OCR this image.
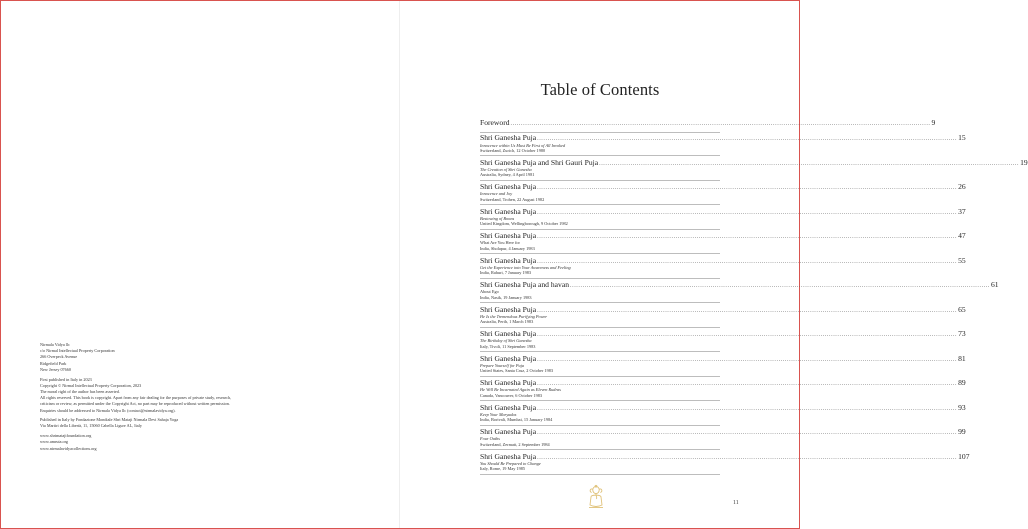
Nirmala Vidya llc
c/o Nirmal Intellectual Property Corporation
266 Overpeck Avenue
Ridgefield Park
New Jersey 07660
First published in Italy in 2023
Copyright © Nirmal Intellectual Property Corporation, 2023
The moral right of the author has been asserted.
All rights reserved. This book is copyright. Apart from any fair dealing for the purposes of private study, research,
criticism or review, as permitted under the Copyright Act, no part may be reproduced without written permission.
Enquiries should be addressed to Nirmala Vidya llc (contact@nirmalavidya.org).
Published in Italy by Fondazione Mondiale Shri Mataji Nirmala Devi Sahaja Yoga
Via Martiri della Libertà, 11, 15060 Cabella Ligure AL, Italy
www.shrimatajifoundation.org
www.amruta.org
www.nirmalavidyacollections.org
Table of Contents
Foreword ........................................................................................................................................................................................................ 9
Shri Ganesha Puja ........................................................................................................................................................................................................ 15
Innocence within Us Must Be First of All Invoked
Switzerland, Zurich, 12 October 1980
Shri Ganesha Puja and Shri Gauri Puja ........................................................................................................................................................................................................ 19
The Creation of Shri Ganesha
Australia, Sydney, 4 April 1981
Shri Ganesha Puja ........................................................................................................................................................................................................ 26
Innocence and Joy
Switzerland, Trohen, 22 August 1982
Shri Ganesha Puja ........................................................................................................................................................................................................ 37
Bestowing of Boons
United Kingdom, Wellingborough, 9 October 1982
Shri Ganesha Puja ........................................................................................................................................................................................................ 47
What Are You Here for
India, Sholapur, 4 January 1983
Shri Ganesha Puja ........................................................................................................................................................................................................ 55
Get the Experience into Your Awareness and Feeling
India, Rahuri, 7 January 1983
Shri Ganesha Puja and havan ........................................................................................................................................................................................................ 61
About Ego
India, Nasik, 19 January 1983
Shri Ganesha Puja ........................................................................................................................................................................................................ 65
He Is the Tremendous Purifying Power
Australia, Perth, 1 March 1983
Shri Ganesha Puja ........................................................................................................................................................................................................ 73
The Birthday of Shri Ganesha
Italy, Tivoli, 11 September 1983
Shri Ganesha Puja ........................................................................................................................................................................................................ 81
Prepare Yourself for Puja
United States, Santa Cruz, 2 October 1983
Shri Ganesha Puja ........................................................................................................................................................................................................ 89
He Will Be Incarnated Again as Eleven Rudras
Canada, Vancouver, 6 October 1983
Shri Ganesha Puja ........................................................................................................................................................................................................ 93
Keep Your Maryadas
India, Borivali, Mumbai, 15 January 1984
Shri Ganesha Puja ........................................................................................................................................................................................................ 99
Four Oaths
Switzerland, Zermatt, 2 September 1984
Shri Ganesha Puja ........................................................................................................................................................................................................ 107
You Should Be Prepared to Change
Italy, Rome, 19 May 1985
11
